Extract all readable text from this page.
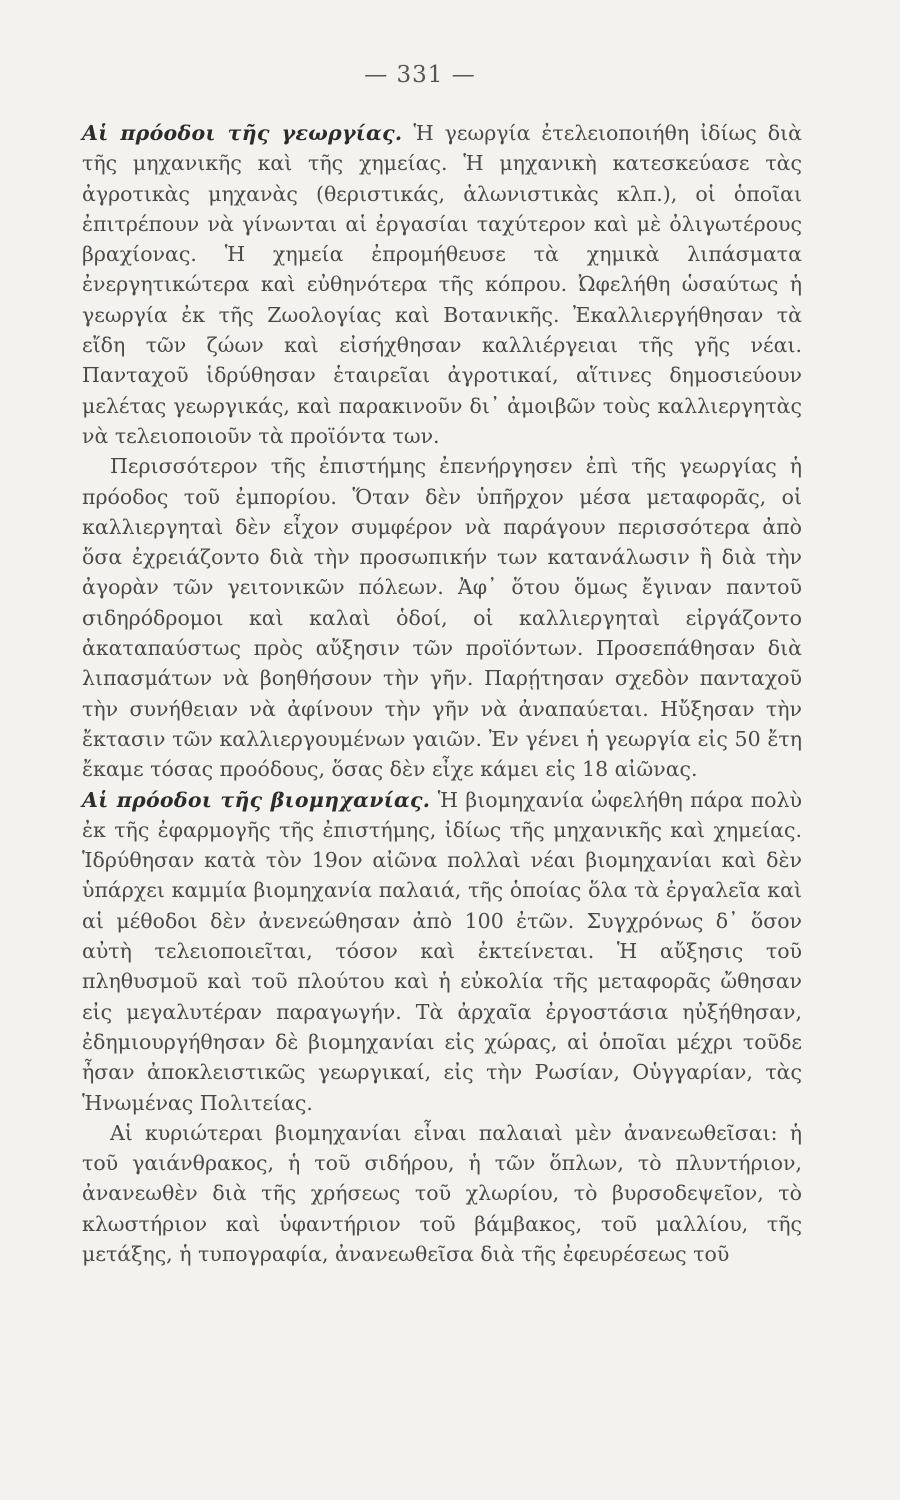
— 331 —

Αἱ πρόοδοι τῆς γεωργίας. Ἡ γεωργία ἐτελειοποιήθη ἰδίως διὰ τῆς μηχανικῆς καὶ τῆς χημείας. Ἡ μηχανικὴ κατεσκεύασε τὰς ἀγροτικὰς μηχανὰς (θεριστικάς, ἁλωνιστικὰς κλπ.), οἱ ὁποῖαι ἐπιτρέπουν νὰ γίνωνται αἱ ἐργασίαι ταχύτερον καὶ μὲ ὀλιγωτέρους βραχίονας. Ἡ χημεία ἐπρομήθευσε τὰ χημικὰ λιπάσματα ἐνεργητικώτερα καὶ εὐθηνότερα τῆς κόπρου. Ὠφελήθη ὡσαύτως ἡ γεωργία ἐκ τῆς Ζωολογίας καὶ Βοτανικῆς. Ἐκαλλιεργήθησαν τὰ εἴδη τῶν ζώων καὶ εἰσήχθησαν καλλιέργειαι τῆς γῆς νέαι. Πανταχοῦ ἱδρύθησαν ἑταιρεῖαι ἀγροτικαί, αἵτινες δημοσιεύουν μελέτας γεωργικάς, καὶ παρακινοῦν δι᾽ ἀμοιβῶν τοὺς καλλιεργητὰς νὰ τελειοποιοῦν τὰ προϊόντα των.

Περισσότερον τῆς ἐπιστήμης ἐπενήργησεν ἐπὶ τῆς γεωργίας ἡ πρόοδος τοῦ ἐμπορίου. Ὅταν δὲν ὑπῆρχον μέσα μεταφορᾶς, οἱ καλλιεργηταὶ δὲν εἶχον συμφέρον νὰ παράγουν περισσότερα ἀπὸ ὅσα ἐχρειάζοντο διὰ τὴν προσωπικήν των κατανάλωσιν ἢ διὰ τὴν ἀγορὰν τῶν γειτονικῶν πόλεων. Ἀφ᾽ ὅτου ὅμως ἔγιναν παντοῦ σιδηρόδρομοι καὶ καλαὶ ὁδοί, οἱ καλλιεργηταὶ εἰργάζοντο ἀκαταπαύστως πρὸς αὔξησιν τῶν προϊόντων. Προσεπάθησαν διὰ λιπασμάτων νὰ βοηθήσουν τὴν γῆν. Παρῄτησαν σχεδὸν πανταχοῦ τὴν συνήθειαν νὰ ἀφίνουν τὴν γῆν νὰ ἀναπαύεται. Ηὔξησαν τὴν ἔκτασιν τῶν καλλιεργουμένων γαιῶν. Ἐν γένει ἡ γεωργία εἰς 50 ἔτη ἔκαμε τόσας προόδους, ὅσας δὲν εἶχε κάμει εἰς 18 αἰῶνας.

Αἱ πρόοδοι τῆς βιομηχανίας. Ἡ βιομηχανία ὠφελήθη πάρα πολὺ ἐκ τῆς ἐφαρμογῆς τῆς ἐπιστήμης, ἰδίως τῆς μηχανικῆς καὶ χημείας. Ἱδρύθησαν κατὰ τὸν 19ον αἰῶνα πολλαὶ νέαι βιομηχανίαι καὶ δὲν ὑπάρχει καμμία βιομηχανία παλαιά, τῆς ὁποίας ὅλα τὰ ἐργαλεῖα καὶ αἱ μέθοδοι δὲν ἀνενεώθησαν ἀπὸ 100 ἐτῶν. Συγχρόνως δ᾽ ὅσον αὐτὴ τελειοποιεῖται, τόσον καὶ ἐκτείνεται. Ἡ αὔξησις τοῦ πληθυσμοῦ καὶ τοῦ πλούτου καὶ ἡ εὐκολία τῆς μεταφορᾶς ὤθησαν εἰς μεγαλυτέραν παραγωγήν. Τὰ ἀρχαῖα ἐργοστάσια ηὐξήθησαν, ἐδημιουργήθησαν δὲ βιομηχανίαι εἰς χώρας, αἱ ὁποῖαι μέχρι τοῦδε ἦσαν ἀποκλειστικῶς γεωργικαί, εἰς τὴν Ρωσίαν, Οὑγγαρίαν, τὰς Ἡνωμένας Πολιτείας.

Αἱ κυριώτεραι βιομηχανίαι εἶναι παλαιαὶ μὲν ἀνανεωθεῖσαι: ἡ τοῦ γαιάνθρακος, ἡ τοῦ σιδήρου, ἡ τῶν ὅπλων, τὸ πλυντήριον, ἀνανεωθὲν διὰ τῆς χρήσεως τοῦ χλωρίου, τὸ βυρσοδεψεῖον, τὸ κλωστήριον καὶ ὑφαντήριον τοῦ βάμβακος, τοῦ μαλλίου, τῆς μετάξης, ἡ τυπογραφία, ἀνανεωθεῖσα διὰ τῆς ἐφευρέσεως τοῦ
